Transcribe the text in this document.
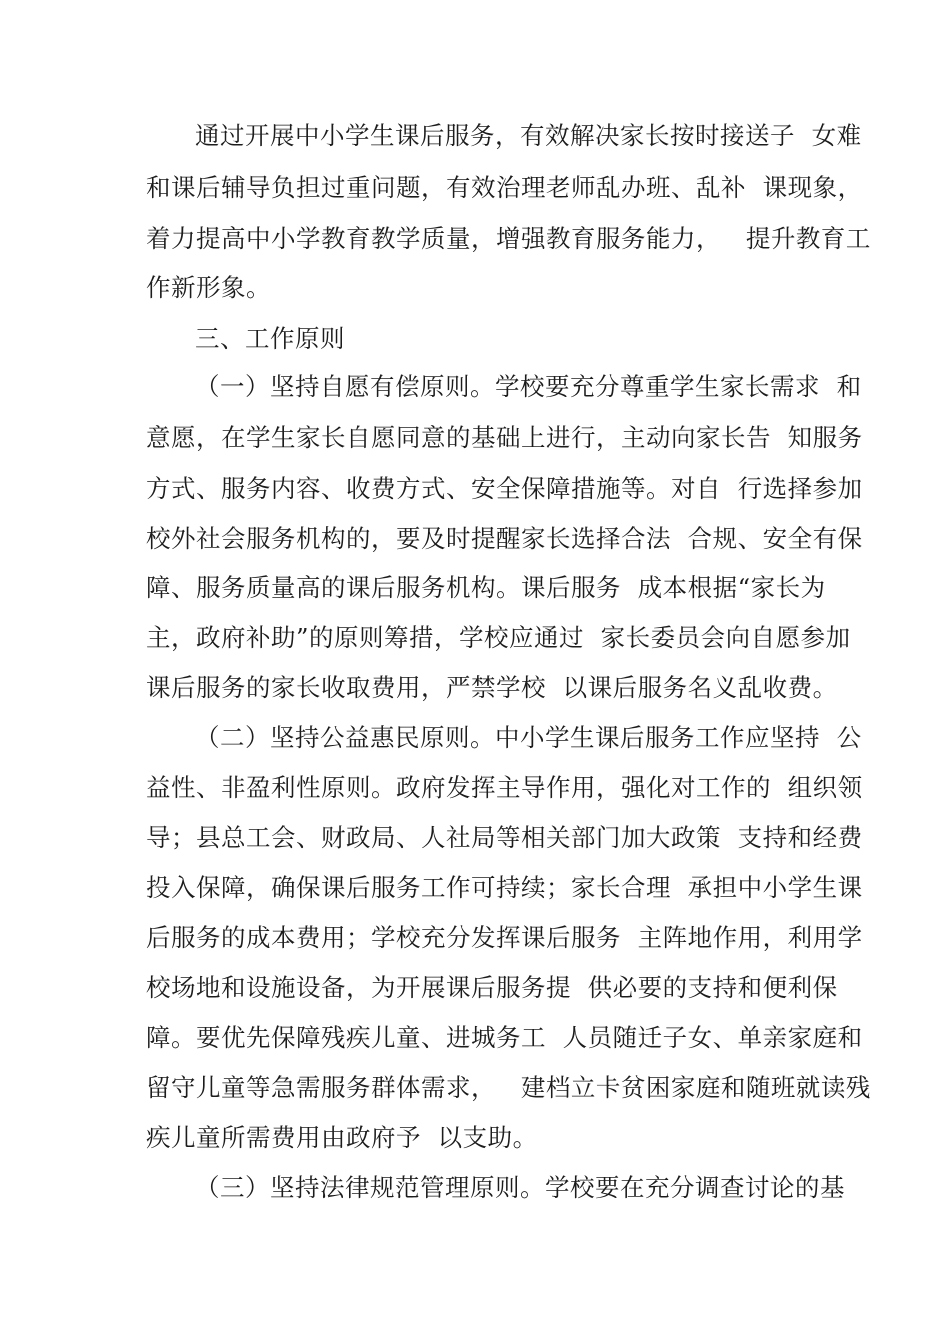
通过开展中小学生课后服务，有效解决家长按时接送子  女难
和课后辅导负担过重问题，有效治理老师乱办班、乱补  课现象，
着力提高中小学教育教学质量，增强教育服务能力，   提升教育工
作新形象。
三、工作原则
（一）坚持自愿有偿原则。学校要充分尊重学生家长需求  和
意愿，在学生家长自愿同意的基础上进行，主动向家长告  知服务
方式、服务内容、收费方式、安全保障措施等。对自  行选择参加
校外社会服务机构的，要及时提醒家长选择合法  合规、安全有保
障、服务质量高的课后服务机构。课后服务  成本根据“家长为
主，政府补助”的原则筹措，学校应通过  家长委员会向自愿参加
课后服务的家长收取费用，严禁学校  以课后服务名义乱收费。
（二）坚持公益惠民原则。中小学生课后服务工作应坚持  公
益性、非盈利性原则。政府发挥主导作用，强化对工作的  组织领
导；县总工会、财政局、人社局等相关部门加大政策  支持和经费
投入保障，确保课后服务工作可持续；家长合理  承担中小学生课
后服务的成本费用；学校充分发挥课后服务  主阵地作用，利用学
校场地和设施设备，为开展课后服务提  供必要的支持和便利保
障。要优先保障残疾儿童、进城务工  人员随迁子女、单亲家庭和
留守儿童等急需服务群体需求，   建档立卡贫困家庭和随班就读残
疾儿童所需费用由政府予  以支助。
（三）坚持法律规范管理原则。学校要在充分调查讨论的基
